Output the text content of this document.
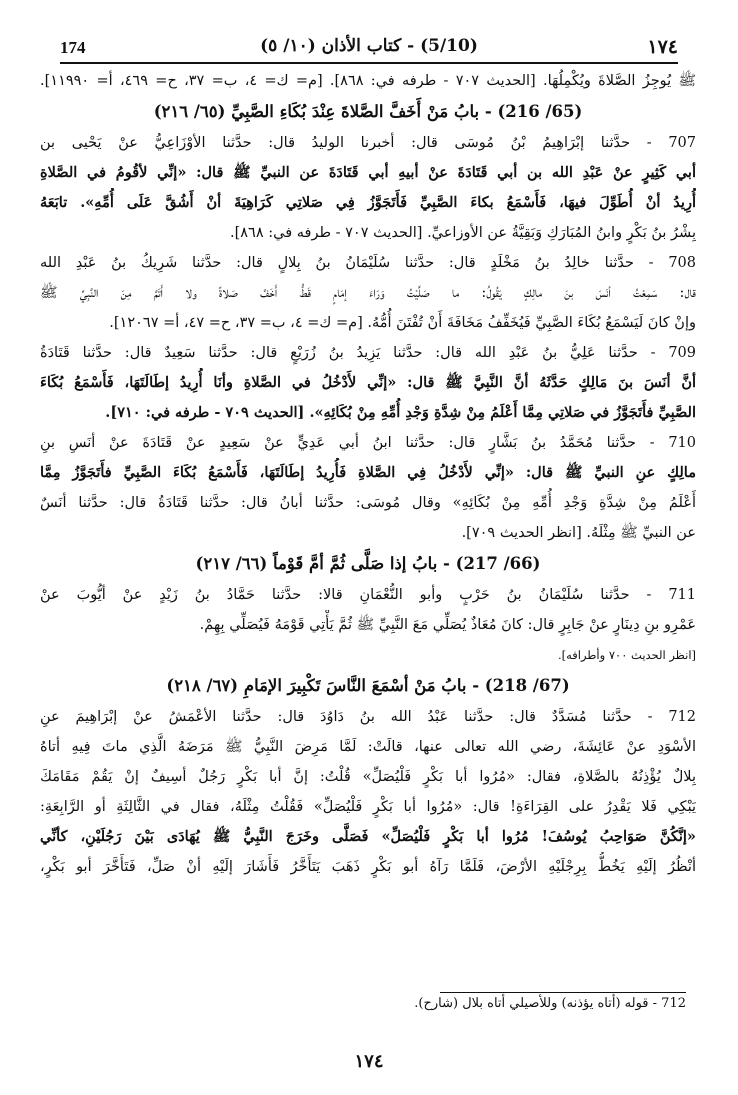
174	(5/10) - كتاب الأذان (١٠/ ٥)	١٧٤
ﷺ يُوجِزُ الصَّلاةَ ويُكْمِلُهَا. [الحديث ٧٠٧ - طرفه في: ٨٦٨]. [م= ك= ٤، ب= ٣٧، ح= ٤٦٩، أ= ١١٩٩٠].
(65/ 216) - بابُ مَنْ أَخَفَّ الصَّلاةَ عِنْدَ بُكَاءِ الصَّبِيِّ (٦٥/ ٢١٦)
707 - حدَّثنا إبْرَاهِيمُ بْنُ مُوسَى قال: أخبرنا الوليدُ قال: حدَّثنا الأوْزَاعِيُّ عنْ يَحْيى بن
أبي كَثِيرٍ عنْ عَبْدِ الله بن أبي قَتَادَةَ عنْ أبيهِ أبي قَتَادَةَ عن النبيِّ ﷺ قال: «إنِّي لأقُومُ في الصَّلاةِ
أُرِيدُ أنْ أُطَوِّلَ فيهَا، فَأَسْمَعُ بكاءَ الصَّبِيِّ فَأَتَجَوَّزُ فِي صَلاتِي كَرَاهِيَةَ أنْ أَشُقَّ عَلَى أُمِّهِ». تابَعَهُ
بِشْرُ بنُ بَكْرٍ وابنُ المُبَارَكِ وَبَقِيَّةُ عن الأوزاعيِّ. [الحديث ٧٠٧ - طرفه في: ٨٦٨].
708 - حدَّثنا خالِدُ بنُ مَخْلَدٍ قال: حدَّثنا سُلَيْمَانُ بنُ بِلالٍ قال: حدَّثنا شَرِيكُ بنُ عَبْدِ الله
قال: سَمِعْتُ أنَسَ بنَ مالِكٍ يَقُولُ: ما صَلَّيْتُ وَرَاءَ إمَامٍ قَطُّ أَخَفَّ صَلاةً ولا أَتَمَّ مِنَ النَّبِيِّ ﷺ
وإنْ كانَ لَيَسْمَعُ بُكَاءَ الصَّبِيِّ فَيُخَفِّفُ مَخَافَةَ أَنْ تُفْتَنَ أُمُّهُ. [م= ك= ٤، ب= ٣٧، ح= ٤٧، أ= ١٢٠٦٧].
709 - حدَّثنا عَلِيُّ بنُ عَبْدِ الله قال: حدَّثنا يَزِيدُ بنُ زُرَيْعٍ قال: حدَّثنا سَعِيدٌ قال: حدَّثنا قَتَادَةُ
أنَّ أنَسَ بنَ مَالِكٍ حَدَّثَهُ أنَّ النَّبِيَّ ﷺ قال: «إنِّي لأَدْخُلُ في الصَّلاةِ وأنَا أُرِيدُ إطَالَتَهَا، فَأَسْمَعُ بُكَاءَ
الصَّبِيِّ فأَتَجَوَّزُ في صَلاتِي مِمَّا أَعْلَمُ مِنْ شِدَّةِ وَجْدِ أُمِّهِ مِنْ بُكَائِهِ». [الحديث ٧٠٩ - طرفه في: ٧١٠].
710 - حدَّثنا مُحَمَّدُ بنُ بَشَّارٍ قال: حدَّثنا ابنُ أبي عَدِيٍّ عنْ سَعِيدٍ عنْ قَتَادَةَ عنْ أنَسِ بنِ
مالِكٍ عنِ النبيِّ ﷺ قال: «إنِّي لأَدْخُلُ فِي الصَّلاةِ فَأُرِيدُ إطَالَتَهَا، فَأَسْمَعُ بُكَاءَ الصَّبِيِّ فأَتَجَوَّزُ مِمَّا
أَعْلَمُ مِنْ شِدَّةِ وَجْدِ أُمِّهِ مِنْ بُكَائِهِ» وقال مُوسَى: حدَّثنا أبانُ قال: حدَّثنا قَتَادَةُ قال: حدَّثنا أنَسٌ
عن النبيِّ ﷺ مِثْلَهُ. [انظر الحديث ٧٠٩].
(66/ 217) - بابُ إذا صَلَّى ثُمَّ أمَّ قَوْماً (٦٦/ ٢١٧)
711 - حدَّثنا سُلَيْمَانُ بنُ حَرْبٍ وأبو النُّعْمَانِ قالا: حدَّثنا حَمَّادُ بنُ زَيْدٍ عنْ أيُّوبَ عنْ
عَمْرِو بنِ دِينَارٍ عنْ جَابِرٍ قال: كانَ مُعَاذٌ يُصَلِّي مَعَ النَّبِيِّ ﷺ ثُمَّ يَأْتِي قَوْمَهُ فَيُصَلِّي بِهِمْ.
[انظر الحديث ٧٠٠ وأطرافه].
(67/ 218) - بابُ مَنْ أسْمَعَ النَّاسَ تَكْبِيرَ الإمَامِ (٦٧/ ٢١٨)
712 - حدَّثنا مُسَدَّدٌ قال: حدَّثنا عَبْدُ الله بنُ دَاوُدَ قال: حدَّثنا الأعْمَشُ عنْ إبْرَاهِيمَ عنِ
الأسْوَدِ عنْ عَائِشَةَ، رضي الله تعالى عنها، قالَتْ: لَمَّا مَرِضَ النَّبِيُّ ﷺ مَرَضَهُ الَّذِي ماتَ فِيهِ أتاهُ
بِلالٌ يُؤْذِنُهُ بالصَّلاةِ، فقال: «مُرُوا أبا بَكْرٍ فَلْيُصَلِّ» قُلْتُ: إنَّ أبا بَكْرٍ رَجُلٌ أسِيفٌ إنْ يَقُمْ مَقَامَكَ
يَبْكِي فَلا يَقْدِرُ على القِرَاءَةِ! قال: «مُرُوا أبا بَكْرٍ فَلْيُصَلِّ» فَقُلْتُ مِثْلَهُ، فقال في الثَّالِثَةِ أو الرَّابِعَةِ:
«إنَّكُنَّ صَوَاحِبُ يُوسُفَ! مُرُوا أبا بَكْرٍ فَلْيُصَلِّ» فَصَلَّى وخَرَجَ النَّبِيُّ ﷺ يُهَادَى بَيْنَ رَجُلَيْنِ، كأنِّي
أنْظُرُ إلَيْهِ يَخُطُّ بِرِجْلَيْهِ الأرْضَ، فَلَمَّا رَآهُ أبو بَكْرٍ ذَهَبَ يَتَأَخَّرُ فَأَشَارَ إلَيْهِ أنْ صَلِّ، فَتَأَخَّرَ أبو بَكْرٍ،
712 - قوله (أتاه يؤذنه) وللأصيلي أتاه بلال (شارح).
١٧٤
